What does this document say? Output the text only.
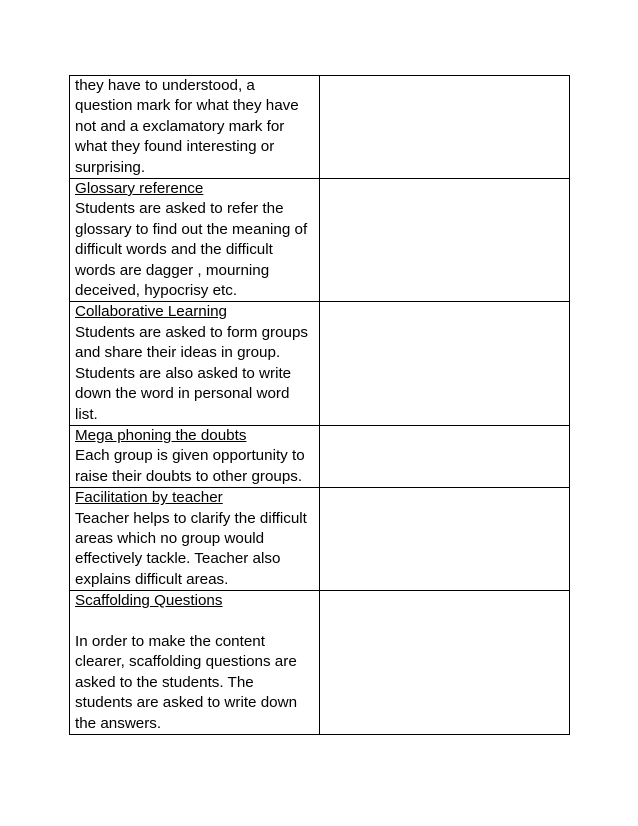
they have to understood, a question mark for what they have not and a exclamatory mark for what they found interesting or surprising.	

Glossary reference
Students are asked to refer the glossary to find out the meaning of difficult words and the difficult words are dagger , mourning deceived, hypocrisy etc.	

Collaborative Learning
Students are asked to form groups and share their ideas in group. Students are also asked to write down the word in personal word list.	

Mega phoning the doubts
Each group is given opportunity to raise their doubts to other groups.	

Facilitation by teacher
Teacher helps to clarify the difficult areas which no group would effectively tackle. Teacher also explains difficult areas.	

Scaffolding Questions
In order to make the content clearer, scaffolding questions are asked to the students. The students are asked to write down the answers.	
